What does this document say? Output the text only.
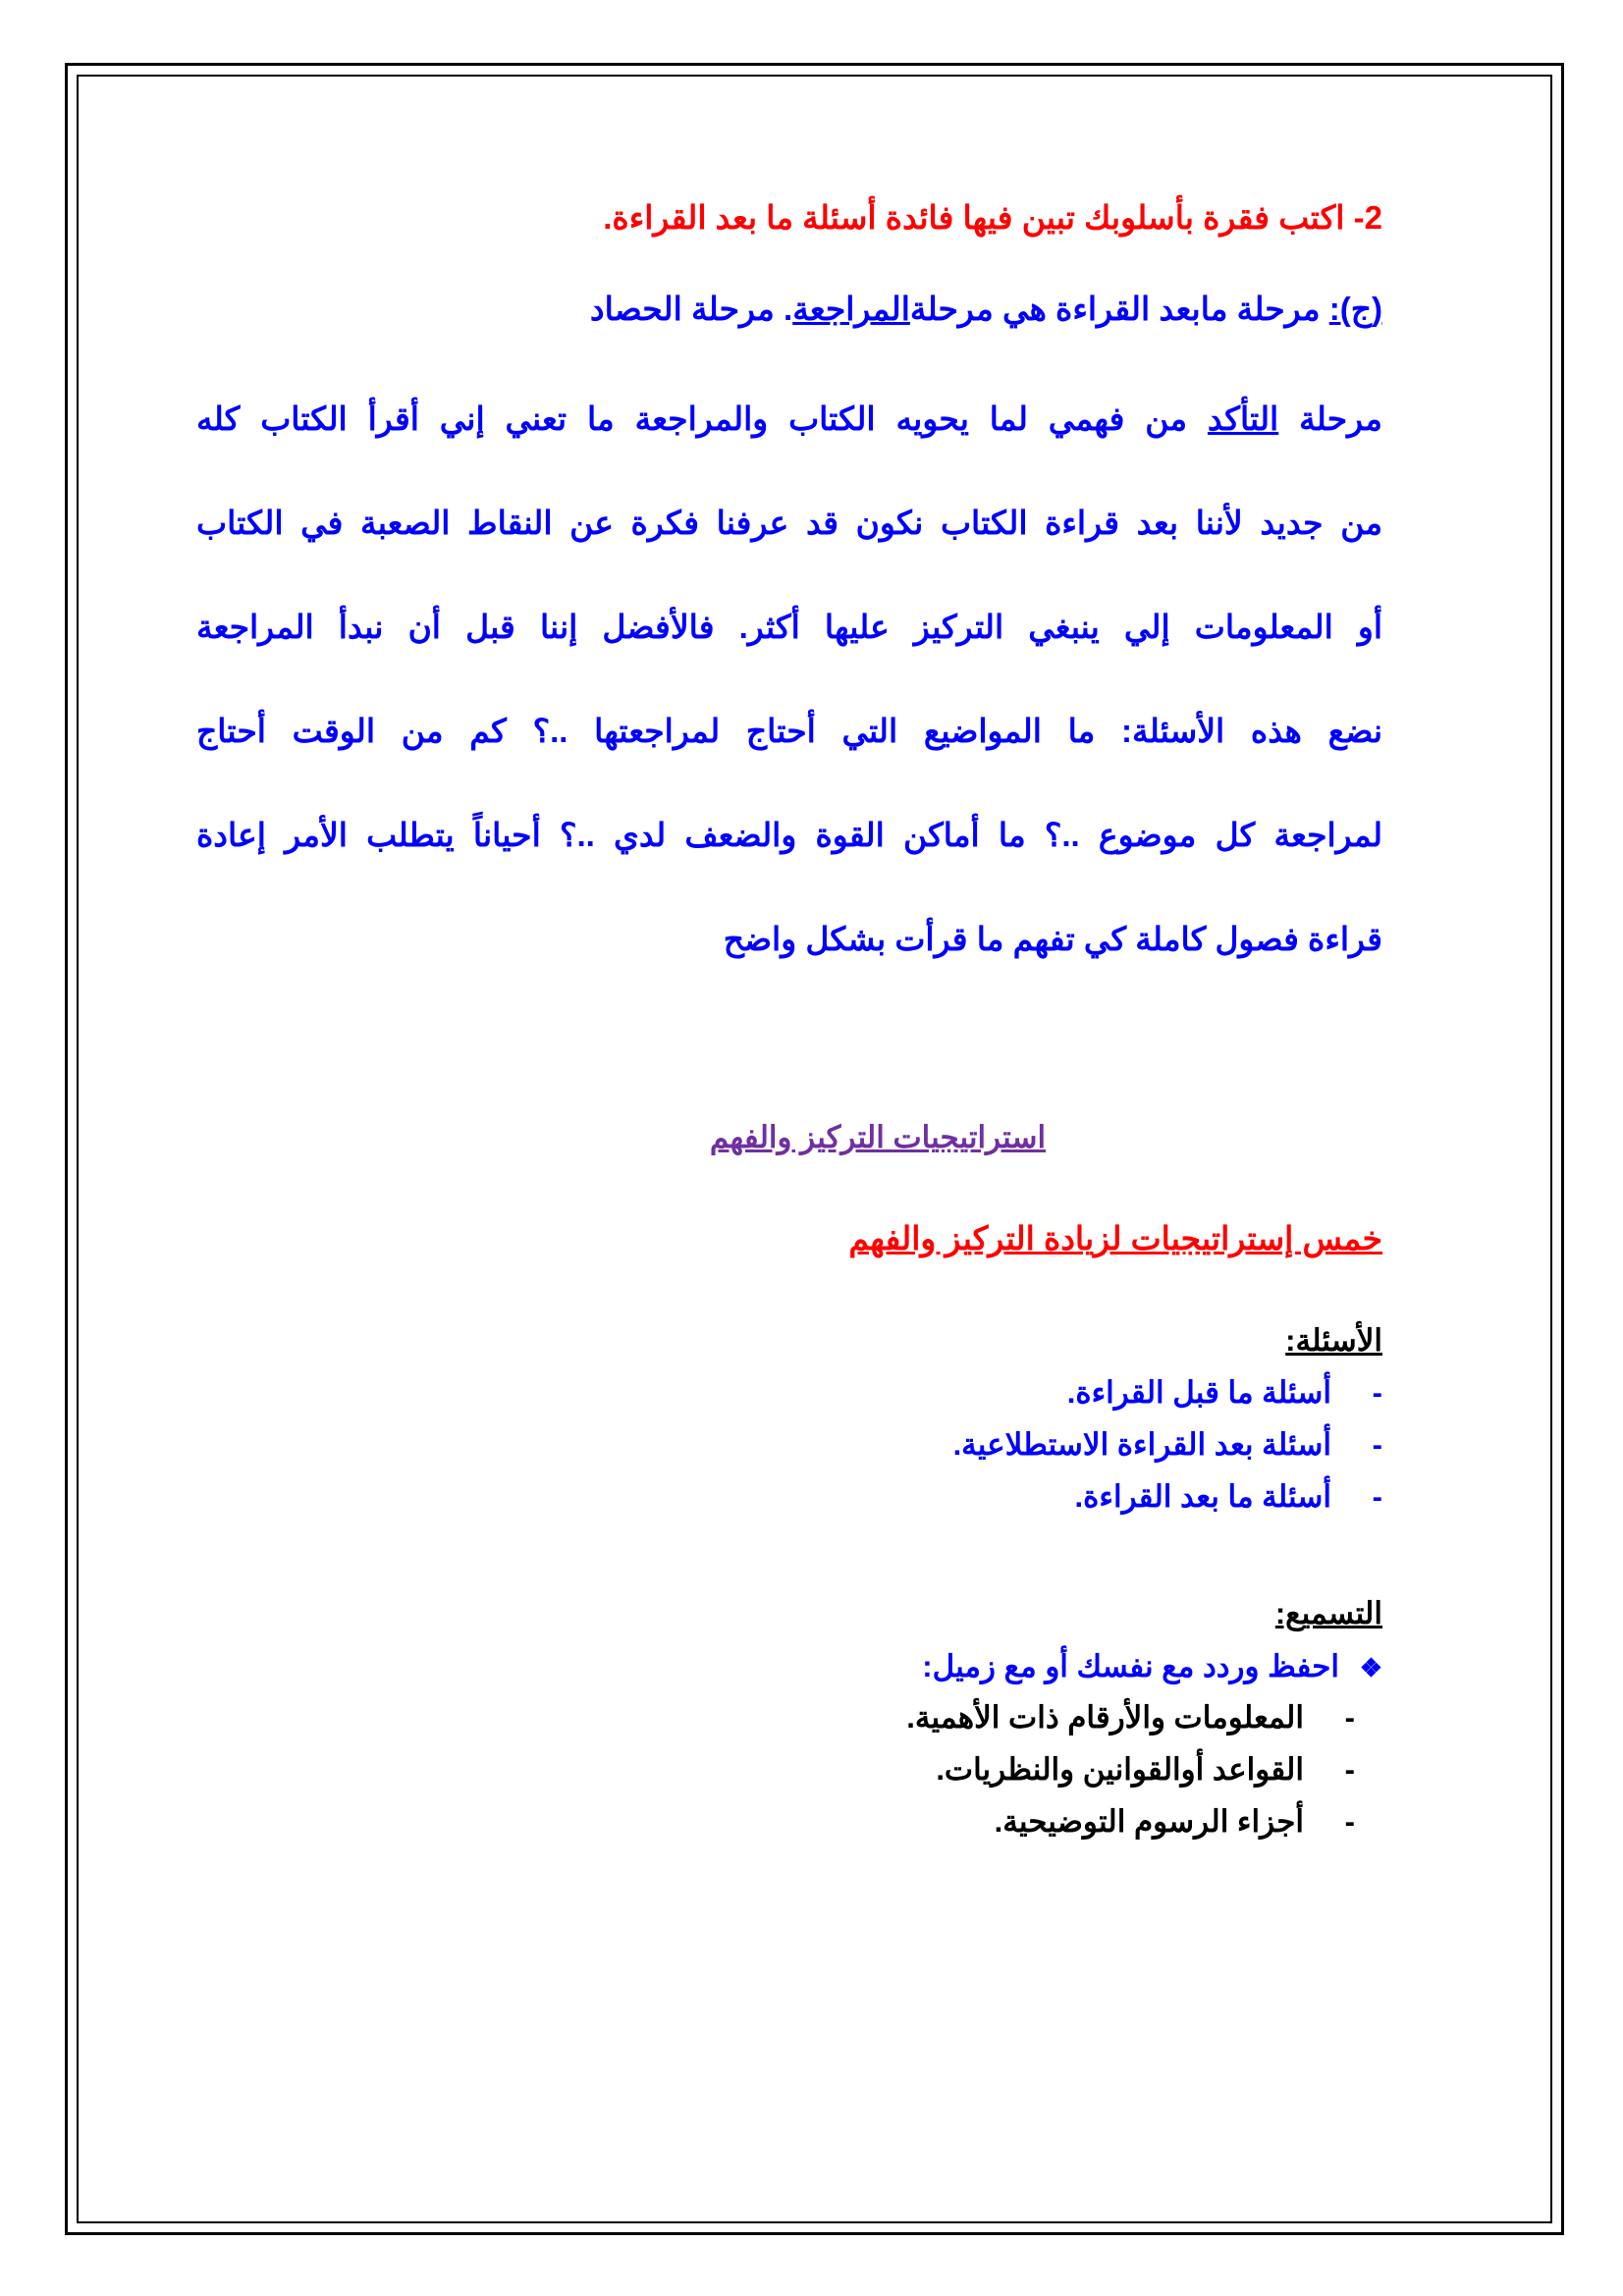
2- اكتب فقرة بأسلوبك تبين فيها فائدة أسئلة ما بعد القراءة.
(ج): مرحلة مابعد القراءة هي مرحلةالمراجعة. مرحلة الحصاد
مرحلة التأكد من فهمي لما يحويه الكتاب والمراجعة ما تعني إني أقرأ الكتاب كله
من جديد لأننا بعد قراءة الكتاب نكون قد عرفنا فكرة عن النقاط الصعبة في الكتاب
أو المعلومات إلي ينبغي التركيز عليها أكثر. فالأفضل إننا قبل أن نبدأ المراجعة
نضع هذه الأسئلة: ما المواضيع التي أحتاج لمراجعتها ..؟ كم من الوقت أحتاج
لمراجعة كل موضوع ..؟ ما أماكن القوة والضعف لدي ..؟ أحياناً يتطلب الأمر إعادة
قراءة فصول كاملة كي تفهم ما قرأت بشكل واضح
استراتيجيات التركيز والفهم
خمس إستراتيجيات لزيادة التركيز والفهم
الأسئلة:
-أسئلة ما قبل القراءة.
-أسئلة بعد القراءة الاستطلاعية.
-أسئلة ما بعد القراءة.
التسميع:
❖احفظ وردد مع نفسك أو مع زميل:
-المعلومات والأرقام ذات الأهمية.
-القواعد أوالقوانين والنظريات.
-أجزاء الرسوم التوضيحية.
